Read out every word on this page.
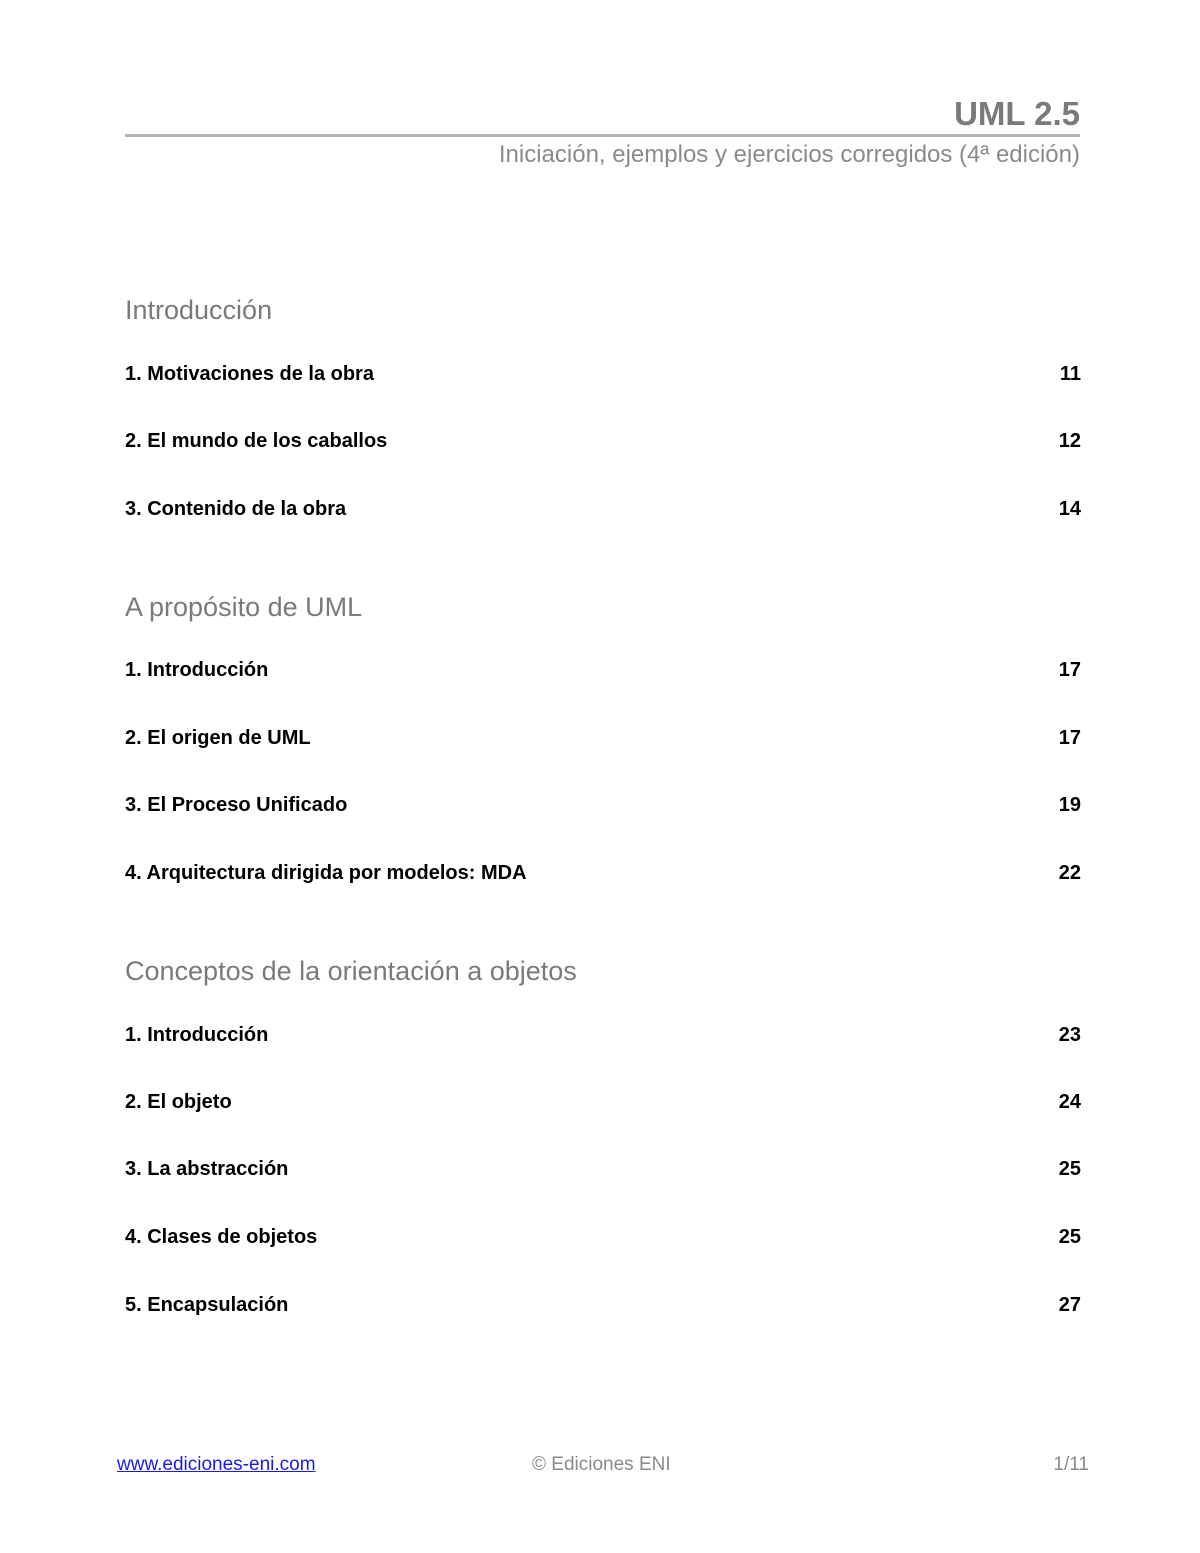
UML 2.5
Iniciación, ejemplos y ejercicios corregidos (4ª edición)
Introducción
1. Motivaciones de la obra	11
2. El mundo de los caballos	12
3. Contenido de la obra	14
A propósito de UML
1. Introducción	17
2. El origen de UML	17
3. El Proceso Unificado	19
4. Arquitectura dirigida por modelos: MDA	22
Conceptos de la orientación a objetos
1. Introducción	23
2. El objeto	24
3. La abstracción	25
4. Clases de objetos	25
5. Encapsulación	27
www.ediciones-eni.com	© Ediciones ENI	1/11
